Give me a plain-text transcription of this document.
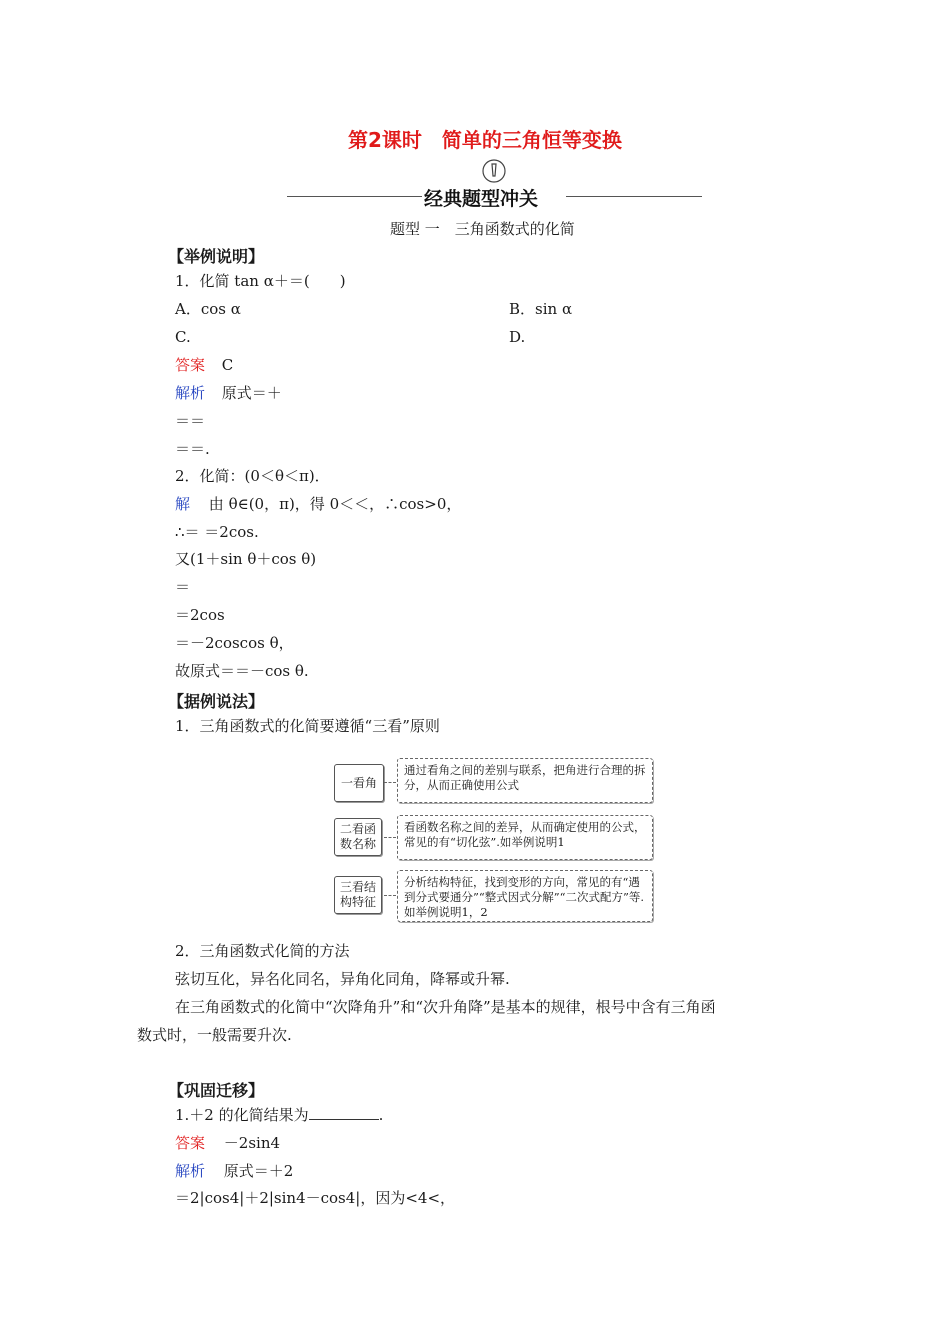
第2课时　简单的三角恒等变换
经典题型冲关
题型 一　三角函数式的化简
【举例说明】
1．化简 tan α＋＝(　　)
A．cos α	B．sin α
C.	D.
答案 C
解析 原式＝＋
＝＝
＝＝.
2．化简：(0＜θ＜π)．
解 由 θ∈(0，π)，得 0＜＜，∴cos>0，
∴＝ ＝2cos.
又(1＋sin θ＋cos θ)
＝
＝2cos
＝－2coscos θ，
故原式＝＝－cos θ.
【据例说法】
1．三角函数式的化简要遵循“三看”原则
一看角
通过看角之间的差别与联系，把角进行合理的拆分，从而正确使用公式
二看函数名称
看函数名称之间的差异，从而确定使用的公式，常见的有“切化弦”.如举例说明1
三看结构特征
分析结构特征，找到变形的方向，常见的有“遇到分式要通分”“整式因式分解”“二次式配方”等.如举例说明1，2
2．三角函数式化简的方法
弦切互化，异名化同名，异角化同角，降幂或升幂.
在三角函数式的化简中“次降角升”和“次升角降”是基本的规律，根号中含有三角函
数式时，一般需要升次.
【巩固迁移】
1.＋2 的化简结果为	.
答案 －2sin4
解析 原式＝＋2
＝2|cos4|＋2|sin4－cos4|，因为<4<，
